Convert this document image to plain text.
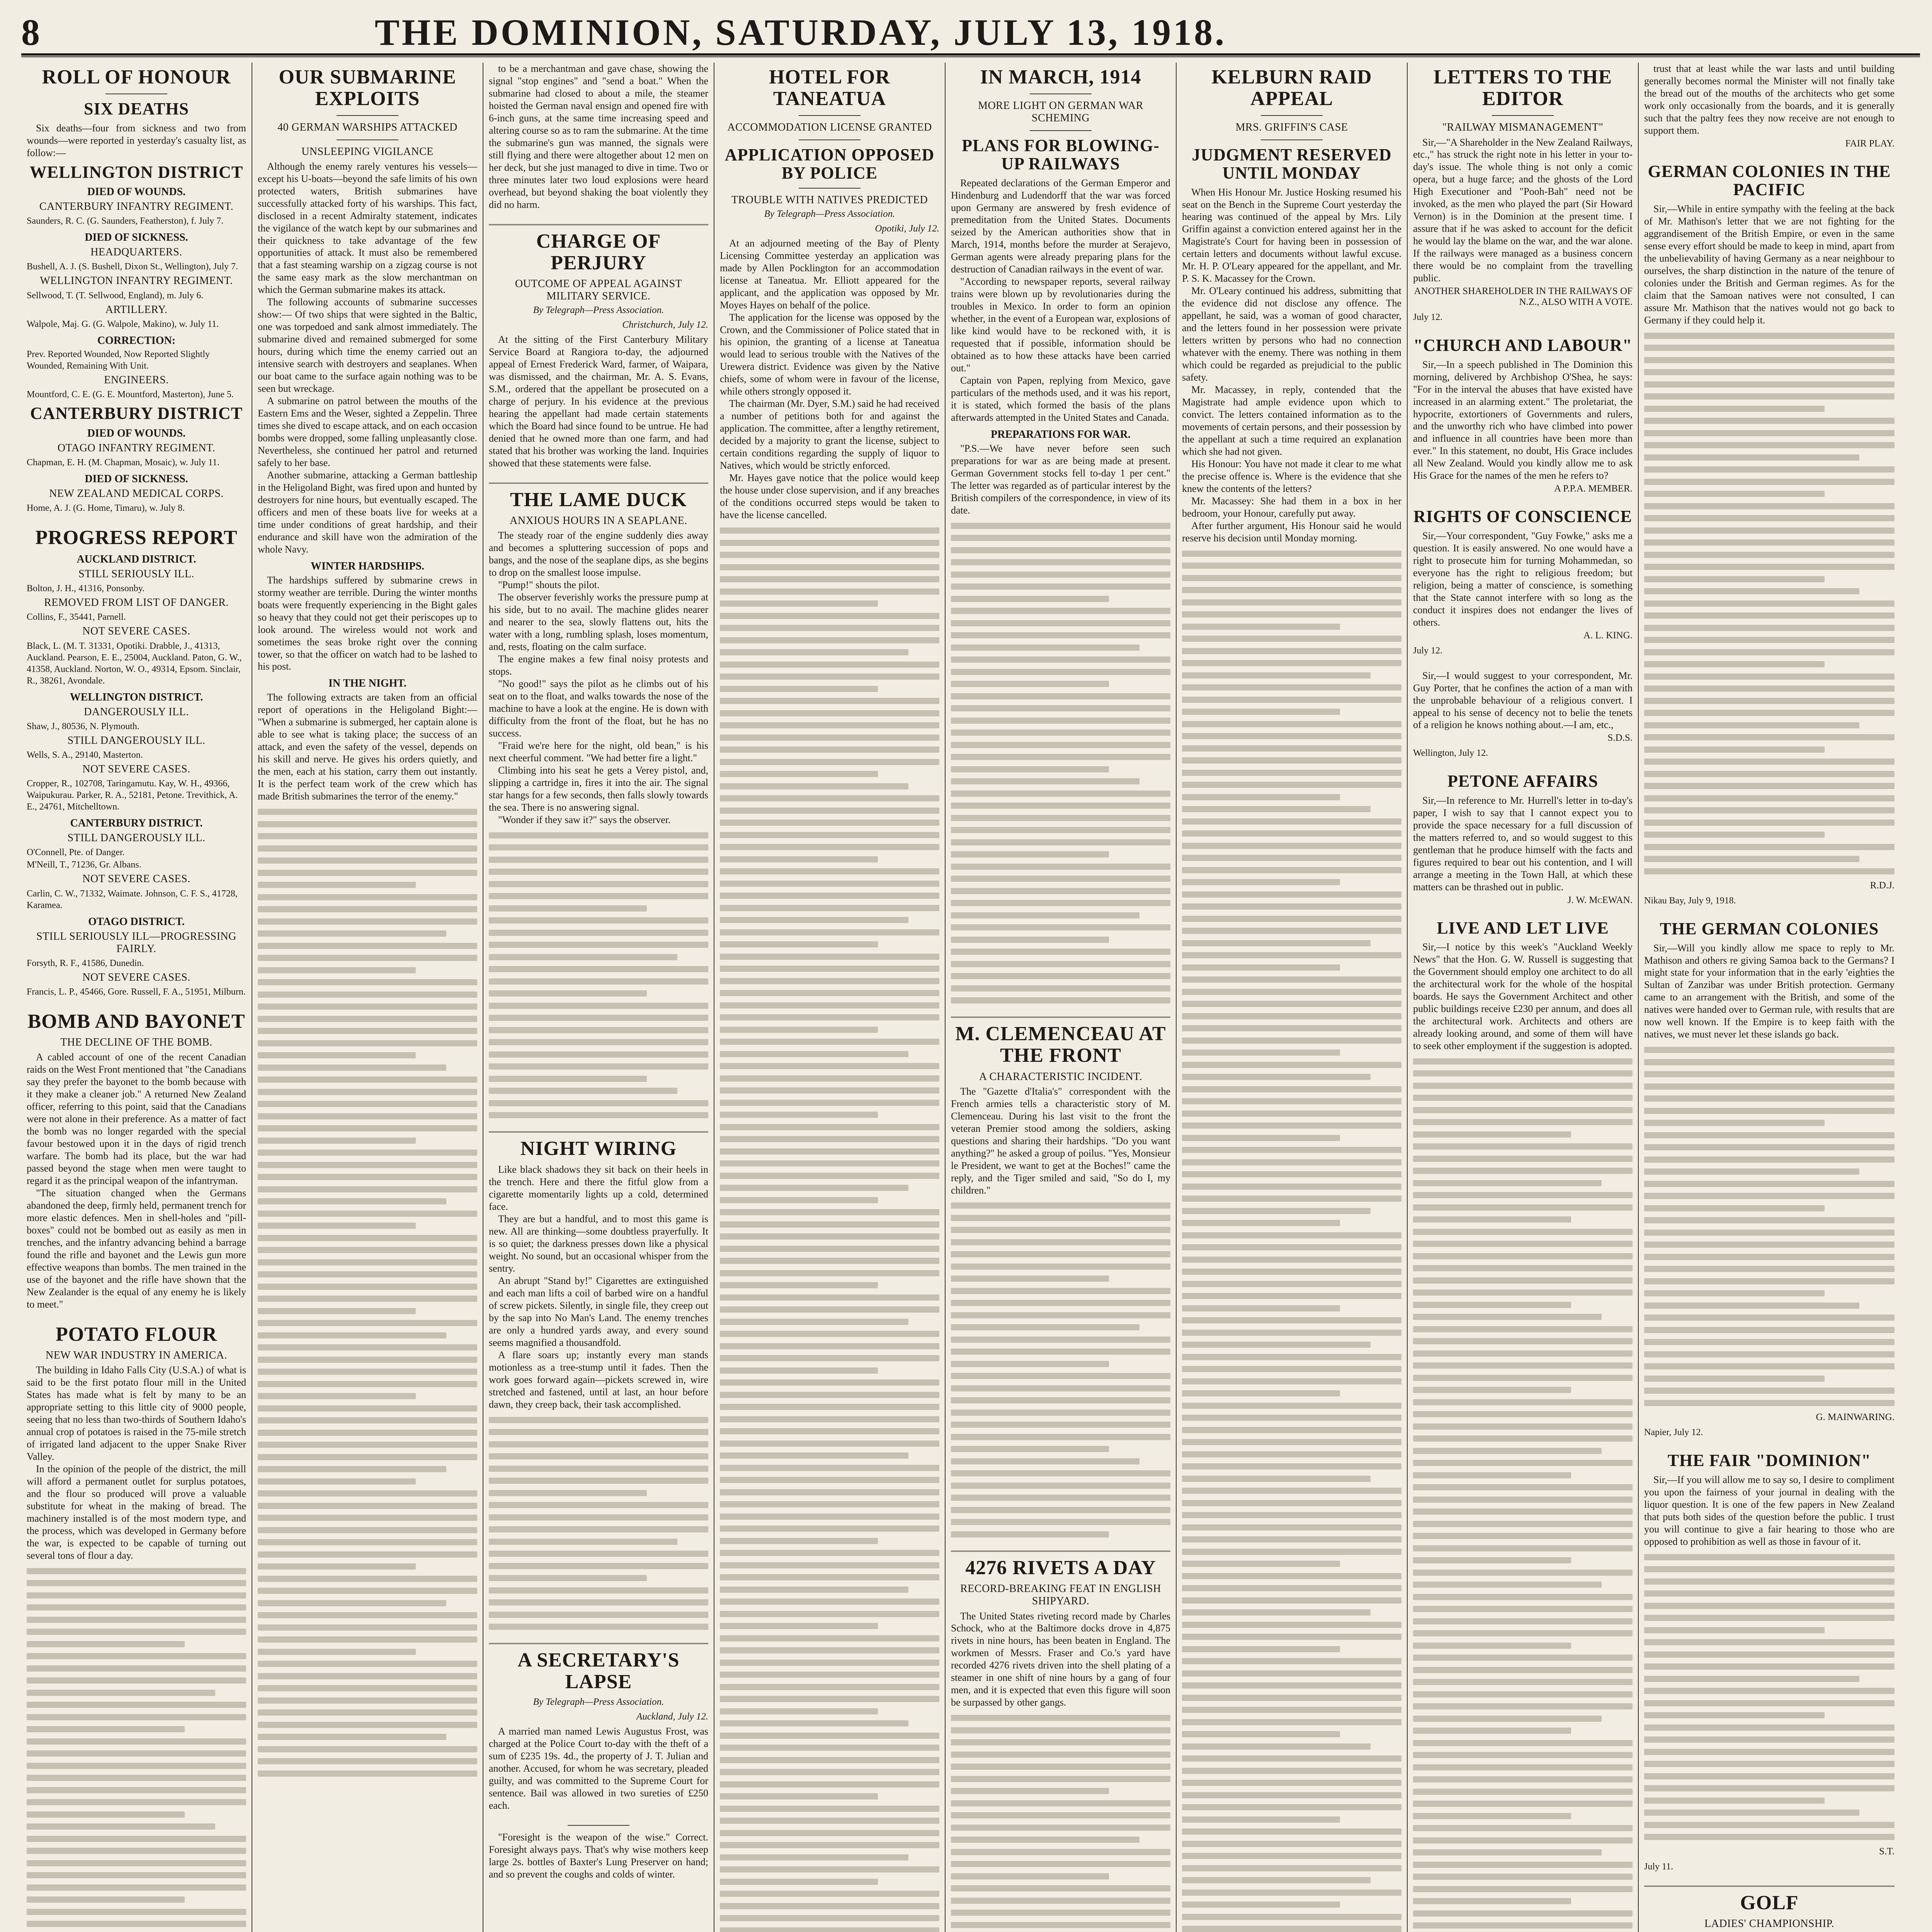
8	THE DOMINION, SATURDAY, JULY 13, 1918.
ROLL OF HONOUR
SIX DEATHS

Six deaths—four from sickness and two from wounds—were reported in yesterday's casualty list, as follow:—

WELLINGTON DISTRICT
DIED OF WOUNDS.
CANTERBURY INFANTRY REGIMENT.
Saunders, R. C. (G. Saunders, Featherston), f. July 7.
DIED OF SICKNESS.
HEADQUARTERS.
Bushell, A. J. (S. Bushell, Dixon St., Wellington), July 7.
WELLINGTON INFANTRY REGIMENT.
Sellwood, T. (T. Sellwood, England), m. July 6.
ARTILLERY.
Walpole, Maj. G. (G. Walpole, Makino), w. July 11.
CORRECTION:
Prev. Reported Wounded, Now Reported Slightly Wounded, Remaining With Unit.
ENGINEERS.
Mountford, C. E. (G. E. Mountford, Masterton), June 5.
CANTERBURY DISTRICT
DIED OF WOUNDS.
OTAGO INFANTRY REGIMENT.
Chapman, E. H. (M. Chapman, Mosaic), w. July 11.
DIED OF SICKNESS.
NEW ZEALAND MEDICAL CORPS.
Home, A. J. (G. Home, Timaru), w. July 8.
PROGRESS REPORT
AUCKLAND DISTRICT.
STILL SERIOUSLY ILL.
Bolton, J. H., 41316, Ponsonby.
REMOVED FROM LIST OF DANGER.
Collins, F., 35441, Parnell.
NOT SEVERE CASES.
Black, L. (M. T. 31331, Opotiki. Drabble, J., 41313, Auckland. Pearson, E. E., 25004, Auckland. Paton, G. W., 41358, Auckland. Norton, W. O., 49314, Epsom. Sinclair, R., 38261, Avondale.
WELLINGTON DISTRICT.
DANGEROUSLY ILL.
Shaw, J., 80536, N. Plymouth.
STILL DANGEROUSLY ILL.
Wells, S. A., 29140, Masterton.
NOT SEVERE CASES.
Cropper, R., 102708, Taringamutu. Kay, W. H., 49366, Waipukurau. Parker, R. A., 52181, Petone. Trevithick, A. E., 24761, Mitchelltown.
CANTERBURY DISTRICT.
STILL DANGEROUSLY ILL.
O'Connell, Pte. of Danger.
M'Neill, T., 71236, Gr. Albans.
NOT SEVERE CASES.
Carlin, C. W., 71332, Waimate. Johnson, C. F. S., 41728, Karamea.
OTAGO DISTRICT.
STILL SERIOUSLY ILL—PROGRESSING FAIRLY.
Forsyth, R. F., 41586, Dunedin.
NOT SEVERE CASES.
Francis, L. P., 45466, Gore. Russell, F. A., 51951, Milburn.
BOMB AND BAYONET
THE DECLINE OF THE BOMB.

A cabled account of one of the recent Canadian raids on the West Front mentioned that "the Canadians say they prefer the bayonet to the bomb because with it they make a cleaner job." A returned New Zealand officer, referring to this point, said that the Canadians were not alone in their preference. As a matter of fact the bomb was no longer regarded with the special favour bestowed upon it in the days of rigid trench warfare. The bomb had its place, but the war had passed beyond the stage when men were taught to regard it as the principal weapon of the infantryman.

"The situation changed when the Germans abandoned the deep, firmly held, permanent trench for more elastic defences. Men in shell-holes and "pill-boxes" could not be bombed out as easily as men in trenches, and the infantry advancing behind a barrage found the rifle and bayonet and the Lewis gun more effective weapons than bombs. The men trained in the use of the bayonet and the rifle have shown that the New Zealander is the equal of any enemy he is likely to meet."

POTATO FLOUR
NEW WAR INDUSTRY IN AMERICA.

The building in Idaho Falls City (U.S.A.) of what is said to be the first potato flour mill in the United States has made what is felt by many to be an appropriate setting to this little city of 9000 people, seeing that no less than two-thirds of Southern Idaho's annual crop of potatoes is raised in the 75-mile stretch of irrigated land adjacent to the upper Snake River Valley.

In the opinion of the people of the district, the mill will afford a permanent outlet for surplus potatoes, and the flour so produced will prove a valuable substitute for wheat in the making of bread. The machinery installed is of the most modern type, and the process, which was developed in Germany before the war, is expected to be capable of turning out several tons of flour a day.

OUR SUBMARINE EXPLOITS
40 GERMAN WARSHIPS ATTACKED
UNSLEEPING VIGILANCE

Although the enemy rarely ventures his vessels—except his U-boats—beyond the safe limits of his own protected waters, British submarines have successfully attacked forty of his warships. This fact, disclosed in a recent Admiralty statement, indicates the vigilance of the watch kept by our submarines and their quickness to take advantage of the few opportunities of attack. It must also be remembered that a fast steaming warship on a zigzag course is not the same easy mark as the slow merchantman on which the German submarine makes its attack.

The following accounts of submarine successes show:— Of two ships that were sighted in the Baltic, one was torpedoed and sank almost immediately. The submarine dived and remained submerged for some hours, during which time the enemy carried out an intensive search with destroyers and seaplanes. When our boat came to the surface again nothing was to be seen but wreckage.

A submarine on patrol between the mouths of the Eastern Ems and the Weser, sighted a Zeppelin. Three times she dived to escape attack, and on each occasion bombs were dropped, some falling unpleasantly close. Nevertheless, she continued her patrol and returned safely to her base.

Another submarine, attacking a German battleship in the Heligoland Bight, was fired upon and hunted by destroyers for nine hours, but eventually escaped. The officers and men of these boats live for weeks at a time under conditions of great hardship, and their endurance and skill have won the admiration of the whole Navy.

WINTER HARDSHIPS.

The hardships suffered by submarine crews in stormy weather are terrible. During the winter months boats were frequently experiencing in the Bight gales so heavy that they could not get their periscopes up to look around. The wireless would not work and sometimes the seas broke right over the conning tower, so that the officer on watch had to be lashed to his post.

IN THE NIGHT.

The following extracts are taken from an official report of operations in the Heligoland Bight:— "When a submarine is submerged, her captain alone is able to see what is taking place; the success of an attack, and even the safety of the vessel, depends on his skill and nerve. He gives his orders quietly, and the men, each at his station, carry them out instantly. It is the perfect team work of the crew which has made British submarines the terror of the enemy."

to be a merchantman and gave chase, showing the signal "stop engines" and "send a boat." When the submarine had closed to about a mile, the steamer hoisted the German naval ensign and opened fire with 6-inch guns, at the same time increasing speed and altering course so as to ram the submarine. At the time the submarine's gun was manned, the signals were still flying and there were altogether about 12 men on her deck, but she just managed to dive in time. Two or three minutes later two loud explosions were heard overhead, but beyond shaking the boat violently they did no harm.

CHARGE OF PERJURY
OUTCOME OF APPEAL AGAINST MILITARY SERVICE.
By Telegraph—Press Association.
Christchurch, July 12.

At the sitting of the First Canterbury Military Service Board at Rangiora to-day, the adjourned appeal of Ernest Frederick Ward, farmer, of Waipara, was dismissed, and the chairman, Mr. A. S. Evans, S.M., ordered that the appellant be prosecuted on a charge of perjury. In his evidence at the previous hearing the appellant had made certain statements which the Board had since found to be untrue. He had denied that he owned more than one farm, and had stated that his brother was working the land. Inquiries showed that these statements were false.

THE LAME DUCK
ANXIOUS HOURS IN A SEAPLANE.

The steady roar of the engine suddenly dies away and becomes a spluttering succession of pops and bangs, and the nose of the seaplane dips, as she begins to drop on the smallest loose impulse.

"Pump!" shouts the pilot.

The observer feverishly works the pressure pump at his side, but to no avail. The machine glides nearer and nearer to the sea, slowly flattens out, hits the water with a long, rumbling splash, loses momentum, and, rests, floating on the calm surface.

The engine makes a few final noisy protests and stops.

"No good!" says the pilot as he climbs out of his seat on to the float, and walks towards the nose of the machine to have a look at the engine. He is down with difficulty from the front of the float, but he has no success.

"Fraid we're here for the night, old bean," is his next cheerful comment. "We had better fire a light."

Climbing into his seat he gets a Verey pistol, and, slipping a cartridge in, fires it into the air. The signal star hangs for a few seconds, then falls slowly towards the sea. There is no answering signal.

"Wonder if they saw it?" says the observer.

NIGHT WIRING

Like black shadows they sit back on their heels in the trench. Here and there the fitful glow from a cigarette momentarily lights up a cold, determined face.

They are but a handful, and to most this game is new. All are thinking—some doubtless prayerfully. It is so quiet; the darkness presses down like a physical weight. No sound, but an occasional whisper from the sentry.

An abrupt "Stand by!" Cigarettes are extinguished and each man lifts a coil of barbed wire on a handful of screw pickets. Silently, in single file, they creep out by the sap into No Man's Land. The enemy trenches are only a hundred yards away, and every sound seems magnified a thousandfold.

A flare soars up; instantly every man stands motionless as a tree-stump until it fades. Then the work goes forward again—pickets screwed in, wire stretched and fastened, until at last, an hour before dawn, they creep back, their task accomplished.

A SECRETARY'S LAPSE
By Telegraph—Press Association.
Auckland, July 12.

A married man named Lewis Augustus Frost, was charged at the Police Court to-day with the theft of a sum of £235 19s. 4d., the property of J. T. Julian and another. Accused, for whom he was secretary, pleaded guilty, and was committed to the Supreme Court for sentence. Bail was allowed in two sureties of £250 each.

"Foresight is the weapon of the wise." Correct. Foresight always pays. That's why wise mothers keep large 2s. bottles of Baxter's Lung Preserver on hand; and so prevent the coughs and colds of winter.

HOTEL FOR TANEATUA
ACCOMMODATION LICENSE GRANTED
APPLICATION OPPOSED BY POLICE
TROUBLE WITH NATIVES PREDICTED
By Telegraph—Press Association.
Opotiki, July 12.

At an adjourned meeting of the Bay of Plenty Licensing Committee yesterday an application was made by Allen Pocklington for an accommodation license at Taneatua. Mr. Elliott appeared for the applicant, and the application was opposed by Mr. Moyes Hayes on behalf of the police.

The application for the license was opposed by the Crown, and the Commissioner of Police stated that in his opinion, the granting of a license at Taneatua would lead to serious trouble with the Natives of the Urewera district. Evidence was given by the Native chiefs, some of whom were in favour of the license, while others strongly opposed it.

The chairman (Mr. Dyer, S.M.) said he had received a number of petitions both for and against the application. The committee, after a lengthy retirement, decided by a majority to grant the license, subject to certain conditions regarding the supply of liquor to Natives, which would be strictly enforced.

Mr. Hayes gave notice that the police would keep the house under close supervision, and if any breaches of the conditions occurred steps would be taken to have the license cancelled.

IN MARCH, 1914
MORE LIGHT ON GERMAN WAR SCHEMING
PLANS FOR BLOWING-UP RAILWAYS

Repeated declarations of the German Emperor and Hindenburg and Ludendorff that the war was forced upon Germany are answered by fresh evidence of premeditation from the United States. Documents seized by the American authorities show that in March, 1914, months before the murder at Serajevo, German agents were already preparing plans for the destruction of Canadian railways in the event of war.

"According to newspaper reports, several railway trains were blown up by revolutionaries during the troubles in Mexico. In order to form an opinion whether, in the event of a European war, explosions of like kind would have to be reckoned with, it is requested that if possible, information should be obtained as to how these attacks have been carried out."

Captain von Papen, replying from Mexico, gave particulars of the methods used, and it was his report, it is stated, which formed the basis of the plans afterwards attempted in the United States and Canada.

PREPARATIONS FOR WAR.

"P.S.—We have never before seen such preparations for war as are being made at present. German Government stocks fell to-day 1 per cent." The letter was regarded as of particular interest by the British compilers of the correspondence, in view of its date.

M. CLEMENCEAU AT THE FRONT
A CHARACTERISTIC INCIDENT.

The "Gazette d'Italia's" correspondent with the French armies tells a characteristic story of M. Clemenceau. During his last visit to the front the veteran Premier stood among the soldiers, asking questions and sharing their hardships. "Do you want anything?" he asked a group of poilus. "Yes, Monsieur le President, we want to get at the Boches!" came the reply, and the Tiger smiled and said, "So do I, my children."

4276 RIVETS A DAY
RECORD-BREAKING FEAT IN ENGLISH SHIPYARD.

The United States riveting record made by Charles Schock, who at the Baltimore docks drove in 4,875 rivets in nine hours, has been beaten in England. The workmen of Messrs. Fraser and Co.'s yard have recorded 4276 rivets driven into the shell plating of a steamer in one shift of nine hours by a gang of four men, and it is expected that even this figure will soon be surpassed by other gangs.

KELBURN RAID APPEAL
MRS. GRIFFIN'S CASE
JUDGMENT RESERVED UNTIL MONDAY

When His Honour Mr. Justice Hosking resumed his seat on the Bench in the Supreme Court yesterday the hearing was continued of the appeal by Mrs. Lily Griffin against a conviction entered against her in the Magistrate's Court for having been in possession of certain letters and documents without lawful excuse. Mr. H. P. O'Leary appeared for the appellant, and Mr. P. S. K. Macassey for the Crown.

Mr. O'Leary continued his address, submitting that the evidence did not disclose any offence. The appellant, he said, was a woman of good character, and the letters found in her possession were private letters written by persons who had no connection whatever with the enemy. There was nothing in them which could be regarded as prejudicial to the public safety.

Mr. Macassey, in reply, contended that the Magistrate had ample evidence upon which to convict. The letters contained information as to the movements of certain persons, and their possession by the appellant at such a time required an explanation which she had not given.

His Honour: You have not made it clear to me what the precise offence is. Where is the evidence that she knew the contents of the letters?

Mr. Macassey: She had them in a box in her bedroom, your Honour, carefully put away.

After further argument, His Honour said he would reserve his decision until Monday morning.

LETTERS TO THE EDITOR
"RAILWAY MISMANAGEMENT"

Sir,—"A Shareholder in the New Zealand Railways, etc.," has struck the right note in his letter in your to-day's issue. The whole thing is not only a comic opera, but a huge farce; and the ghosts of the Lord High Executioner and "Pooh-Bah" need not be invoked, as the men who played the part (Sir Howard Vernon) is in the Dominion at the present time. I assure that if he was asked to account for the deficit he would lay the blame on the war, and the war alone. If the railways were managed as a business concern there would be no complaint from the travelling public.

ANOTHER SHAREHOLDER IN THE RAILWAYS OF N.Z., ALSO WITH A VOTE.
July 12.
"CHURCH AND LABOUR"

Sir,—In a speech published in The Dominion this morning, delivered by Archbishop O'Shea, he says: "For in the interval the abuses that have existed have increased in an alarming extent." The proletariat, the hypocrite, extortioners of Governments and rulers, and the unworthy rich who have climbed into power and influence in all countries have been more than ever." In this statement, no doubt, His Grace includes all New Zealand. Would you kindly allow me to ask His Grace for the names of the men he refers to?

A P.P.A. MEMBER.
RIGHTS OF CONSCIENCE

Sir,—Your correspondent, "Guy Fowke," asks me a question. It is easily answered. No one would have a right to prosecute him for turning Mohammedan, so everyone has the right to religious freedom; but religion, being a matter of conscience, is something that the State cannot interfere with so long as the conduct it inspires does not endanger the lives of others.

A. L. KING.
July 12.

Sir,—I would suggest to your correspondent, Mr. Guy Porter, that he confines the action of a man with the unprobable behaviour of a religious convert. I appeal to his sense of decency not to belie the tenets of a religion he knows nothing about.—I am, etc.,

S.D.S.
Wellington, July 12.
PETONE AFFAIRS

Sir,—In reference to Mr. Hurrell's letter in to-day's paper, I wish to say that I cannot expect you to provide the space necessary for a full discussion of the matters referred to, and so would suggest to this gentleman that he produce himself with the facts and figures required to bear out his contention, and I will arrange a meeting in the Town Hall, at which these matters can be thrashed out in public.

J. W. McEWAN.
LIVE AND LET LIVE

Sir,—I notice by this week's "Auckland Weekly News" that the Hon. G. W. Russell is suggesting that the Government should employ one architect to do all the architectural work for the whole of the hospital boards. He says the Government Architect and other public buildings receive £230 per annum, and does all the architectural work. Architects and others are already looking around, and some of them will have to seek other employment if the suggestion is adopted.

trust that at least while the war lasts and until building generally becomes normal the Minister will not finally take the bread out of the mouths of the architects who get some work only occasionally from the boards, and it is generally such that the paltry fees they now receive are not enough to support them.

FAIR PLAY.
GERMAN COLONIES IN THE PACIFIC

Sir,—While in entire sympathy with the feeling at the back of Mr. Mathison's letter that we are not fighting for the aggrandisement of the British Empire, or even in the same sense every effort should be made to keep in mind, apart from the unbelievability of having Germany as a near neighbour to ourselves, the sharp distinction in the nature of the tenure of colonies under the British and German regimes. As for the claim that the Samoan natives were not consulted, I can assure Mr. Mathison that the natives would not go back to Germany if they could help it.

R.D.J.
Nikau Bay, July 9, 1918.
THE GERMAN COLONIES

Sir,—Will you kindly allow me space to reply to Mr. Mathison and others re giving Samoa back to the Germans? I might state for your information that in the early 'eighties the Sultan of Zanzibar was under British protection. Germany came to an arrangement with the British, and some of the natives were handed over to German rule, with results that are now well known. If the Empire is to keep faith with the natives, we must never let these islands go back.

G. MAINWARING.
Napier, July 12.
THE FAIR "DOMINION"

Sir,—If you will allow me to say so, I desire to compliment you upon the fairness of your journal in dealing with the liquor question. It is one of the few papers in New Zealand that puts both sides of the question before the public. I trust you will continue to give a fair hearing to those who are opposed to prohibition as well as those in favour of it.

S.T.
July 11.
GOLF
LADIES' CHAMPIONSHIP.
